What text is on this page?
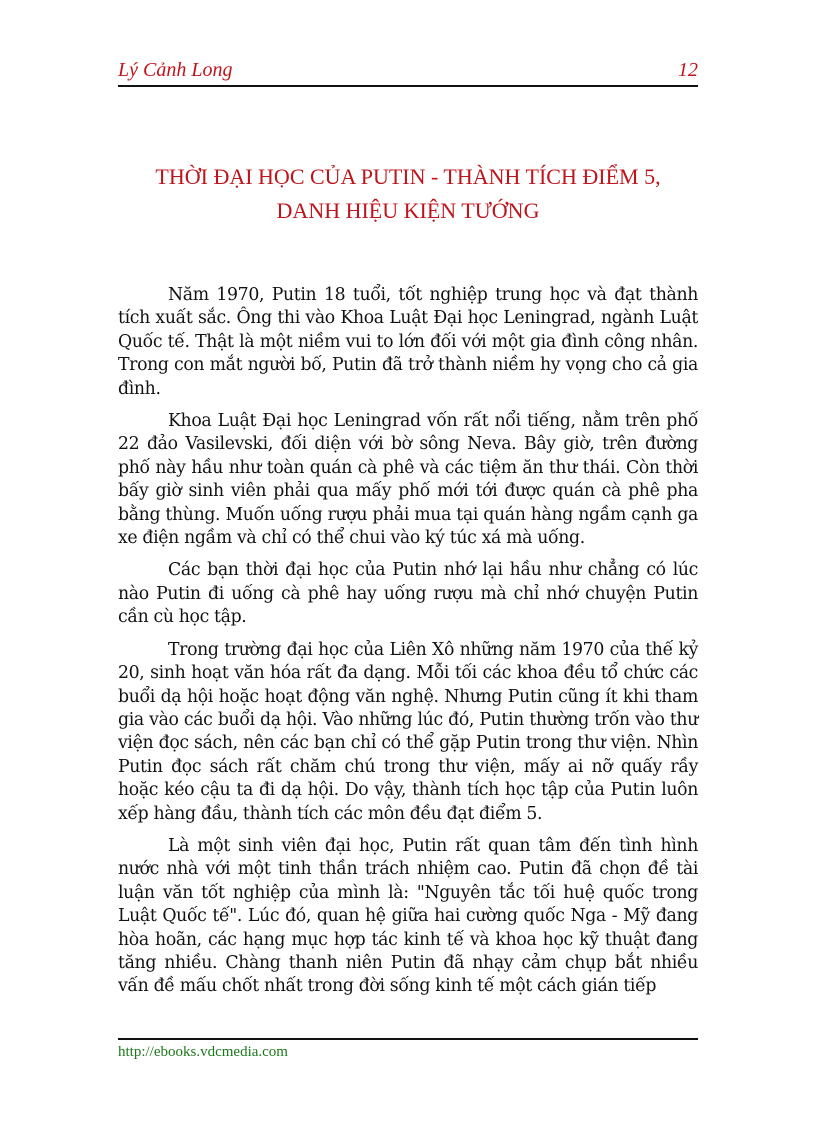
Lý Cảnh Long	12
THỜI ĐẠI HỌC CỦA PUTIN - THÀNH TÍCH ĐIỂM 5,
DANH HIỆU KIỆN TƯỚNG

Năm 1970, Putin 18 tuổi, tốt nghiệp trung học và đạt thành tích xuất sắc. Ông thi vào Khoa Luật Đại học Leningrad, ngành Luật Quốc tế. Thật là một niềm vui to lớn đối với một gia đình công nhân. Trong con mắt người bố, Putin đã trở thành niềm hy vọng cho cả gia đình.

Khoa Luật Đại học Leningrad vốn rất nổi tiếng, nằm trên phố 22 đảo Vasilevski, đối diện với bờ sông Neva. Bây giờ, trên đường phố này hầu như toàn quán cà phê và các tiệm ăn thư thái. Còn thời bấy giờ sinh viên phải qua mấy phố mới tới được quán cà phê pha bằng thùng. Muốn uống rượu phải mua tại quán hàng ngầm cạnh ga xe điện ngầm và chỉ có thể chui vào ký túc xá mà uống.

Các bạn thời đại học của Putin nhớ lại hầu như chẳng có lúc nào Putin đi uống cà phê hay uống rượu mà chỉ nhớ chuyện Putin cần cù học tập.

Trong trường đại học của Liên Xô những năm 1970 của thế kỷ 20, sinh hoạt văn hóa rất đa dạng. Mỗi tối các khoa đều tổ chức các buổi dạ hội hoặc hoạt động văn nghệ. Nhưng Putin cũng ít khi tham gia vào các buổi dạ hội. Vào những lúc đó, Putin thường trốn vào thư viện đọc sách, nên các bạn chỉ có thể gặp Putin trong thư viện. Nhìn Putin đọc sách rất chăm chú trong thư viện, mấy ai nỡ quấy rầy hoặc kéo cậu ta đi dạ hội. Do vậy, thành tích học tập của Putin luôn xếp hàng đầu, thành tích các môn đều đạt điểm 5.

Là một sinh viên đại học, Putin rất quan tâm đến tình hình nước nhà với một tinh thần trách nhiệm cao. Putin đã chọn đề tài luận văn tốt nghiệp của mình là: "Nguyên tắc tối huệ quốc trong Luật Quốc tế". Lúc đó, quan hệ giữa hai cường quốc Nga - Mỹ đang hòa hoãn, các hạng mục hợp tác kinh tế và khoa học kỹ thuật đang tăng nhiều. Chàng thanh niên Putin đã nhạy cảm chụp bắt nhiều vấn đề mấu chốt nhất trong đời sống kinh tế một cách gián tiếp

http://ebooks.vdcmedia.com
